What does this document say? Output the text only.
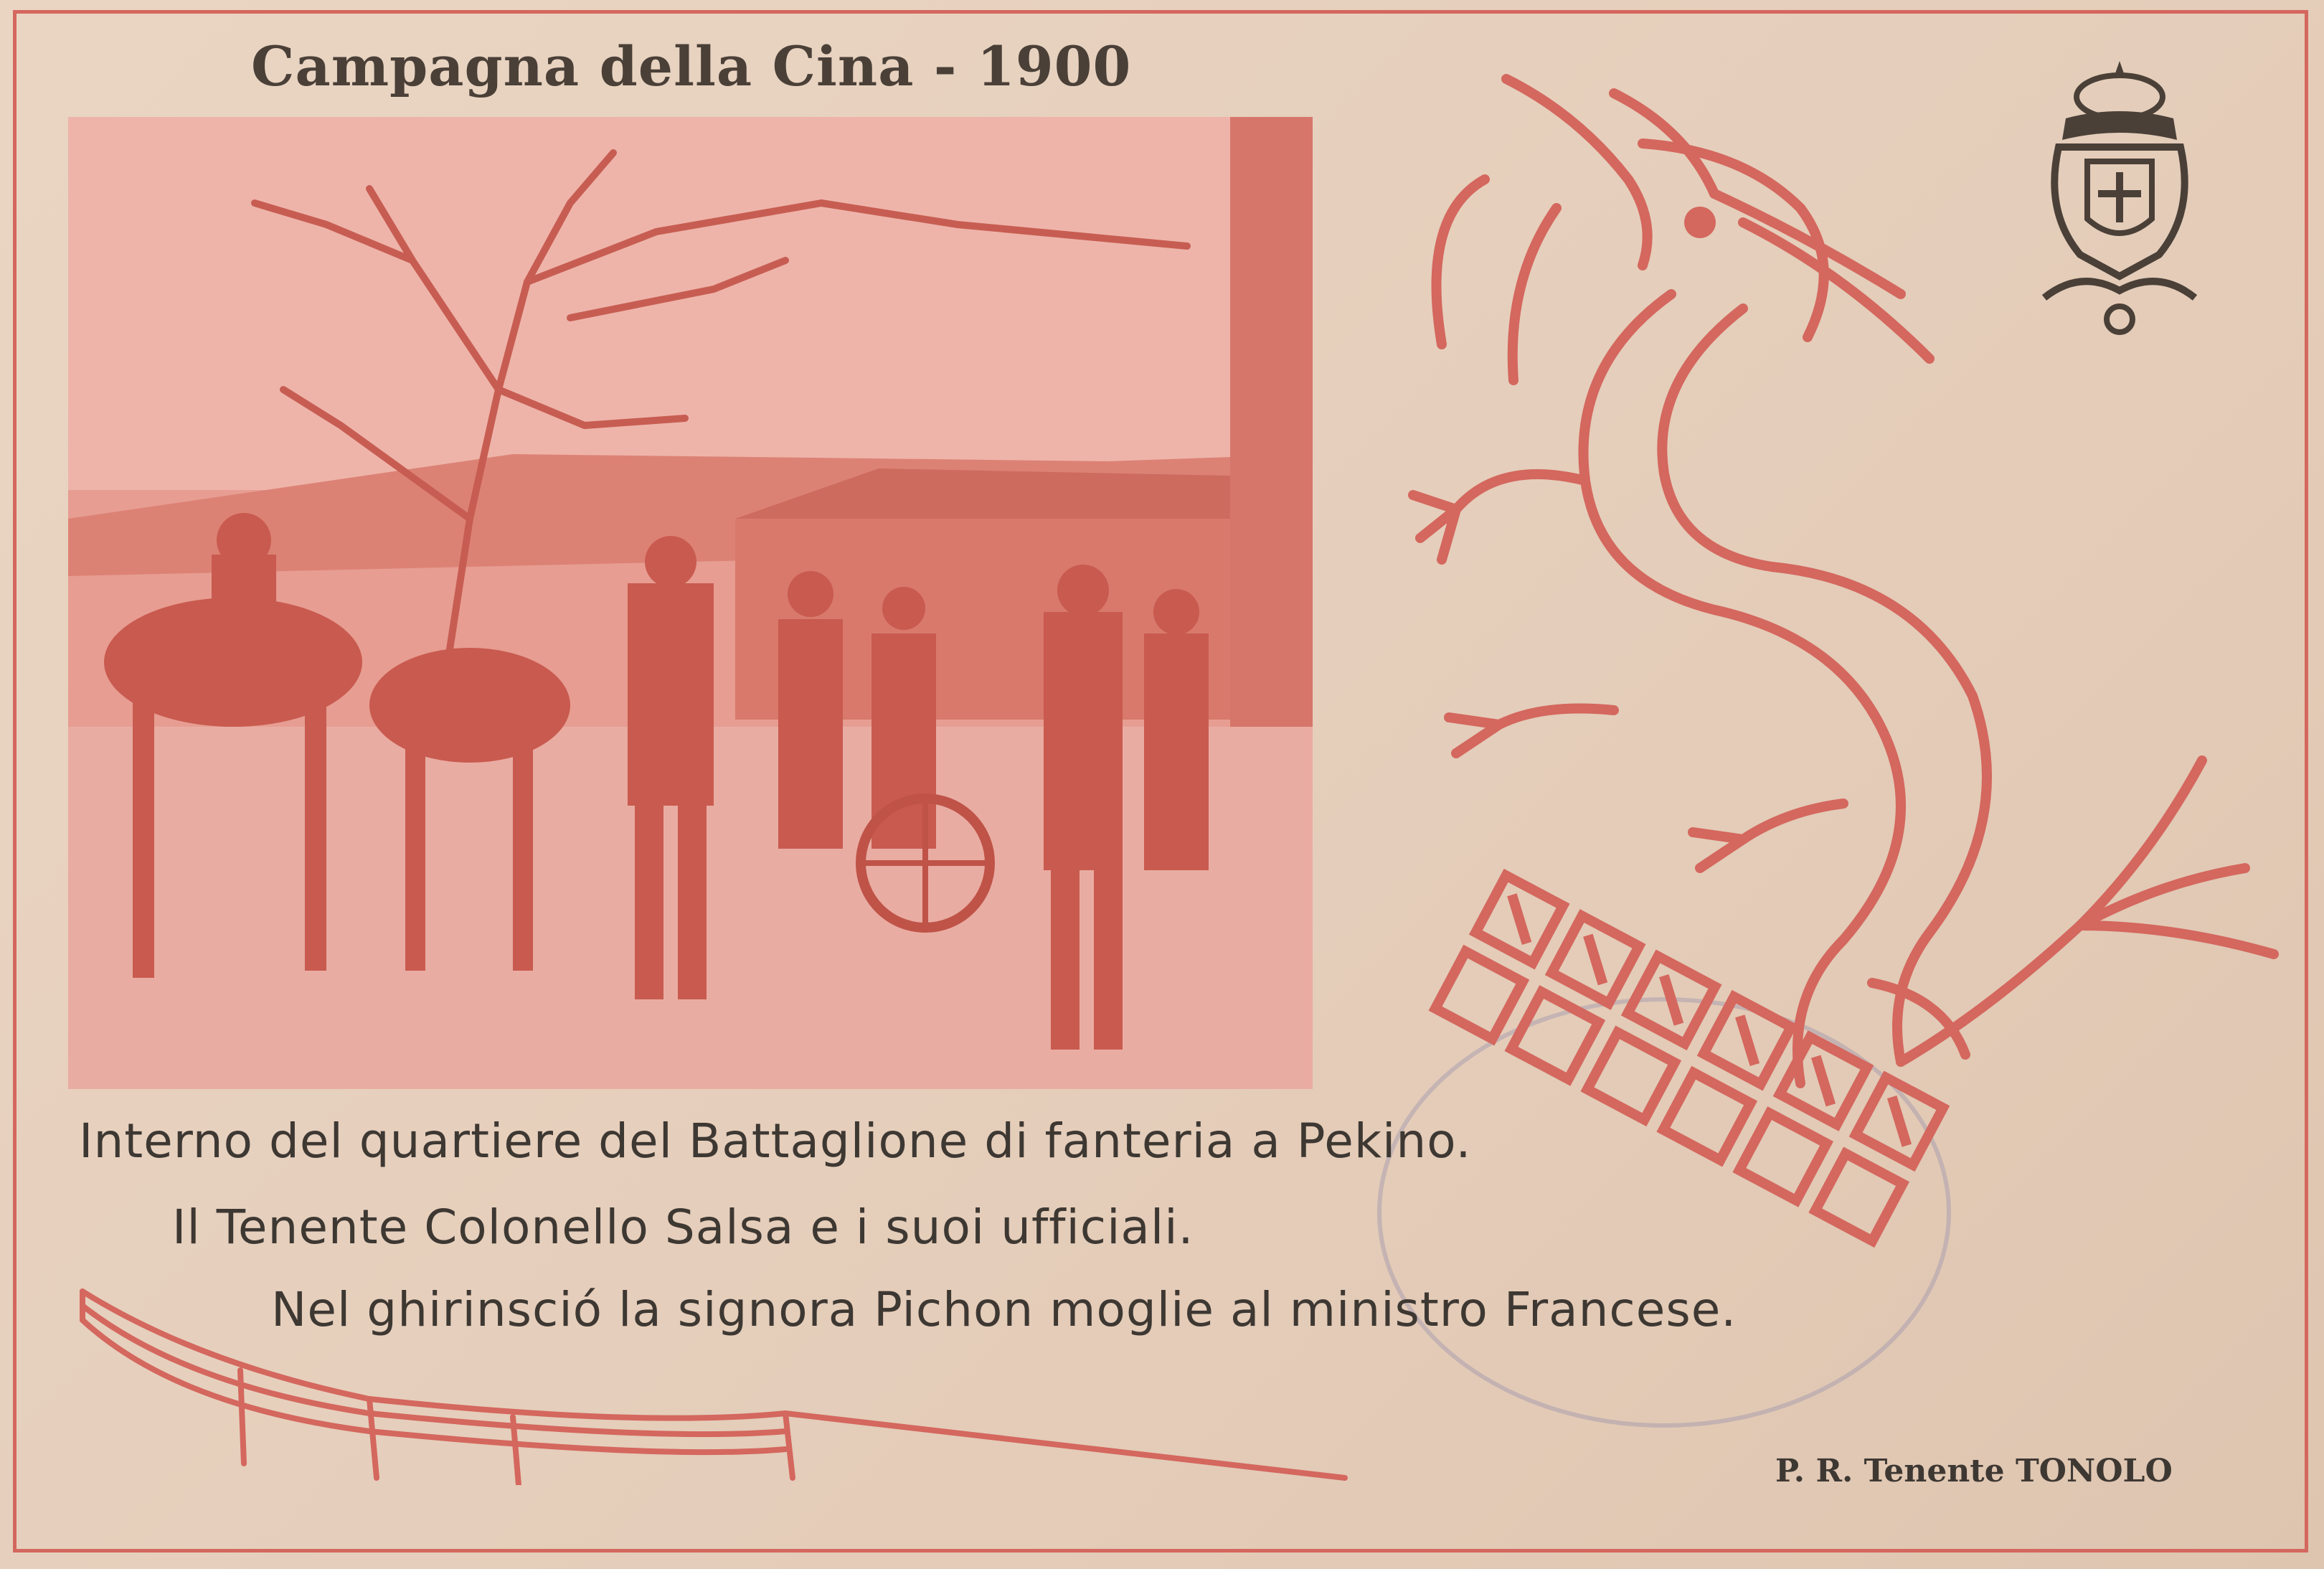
Campagna della Cina - 1900
Interno del quartiere del Battaglione di fanteria a Pekino.
Il Tenente Colonello Salsa e i suoi ufficiali.
Nel ghirinsció la signora Pichon moglie al ministro Francese.
P. R. Tenente TONOLO
